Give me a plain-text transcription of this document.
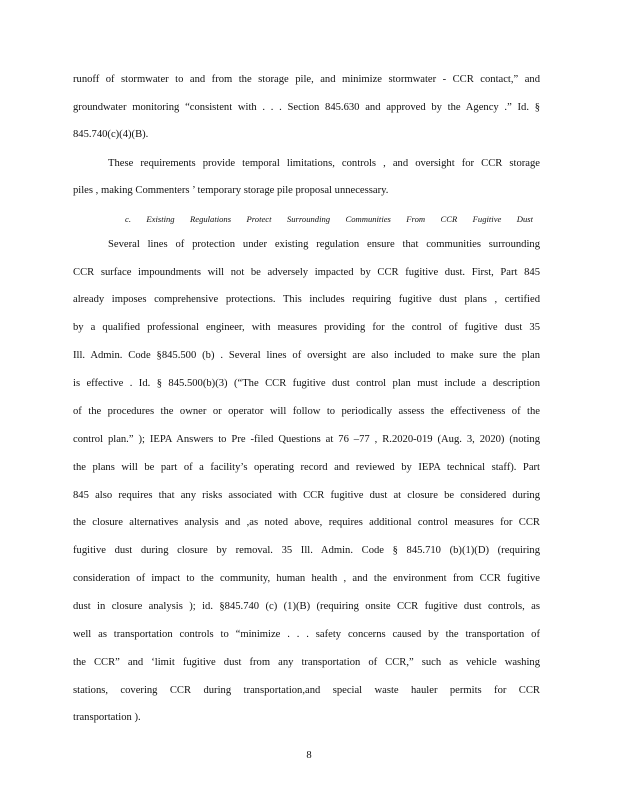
runoff of stormwater to and from the storage pile, and minimize stormwater - CCR contact,” and
groundwater monitoring “consistent with . . . Section 845.630 and approved by the Agency .” Id. §
845.740(c)(4)(B).
These requirements provide temporal limitations, controls , and oversight for CCR storage
piles , making Commenters ’ temporary storage pile proposal unnecessary.
c. Existing Regulations Protect Surrounding Communities From CCR Fugitive Dust
Several lines of protection under existing regulation ensure that communities surrounding
CCR surface impoundments will not be adversely impacted by CCR fugitive dust. First, Part 845
already imposes comprehensive protections. This includes requiring fugitive dust plans , certified
by a qualified professional engineer, with measures providing for the control of fugitive dust 35
Ill. Admin. Code §845.500 (b) . Several lines of oversight are also included to make sure the plan
is effective . Id. § 845.500(b)(3) (“The CCR fugitive dust control plan must include a description
of the procedures the owner or operator will follow to periodically assess the effectiveness of the
control plan.” ); IEPA Answers to Pre -filed Questions at 76 –77 , R.2020-019 (Aug. 3, 2020) (noting
the plans will be part of a facility’s operating record and reviewed by IEPA technical staff). Part
845 also requires that any risks associated with CCR fugitive dust at closure be considered during
the closure alternatives analysis and ,as noted above, requires additional control measures for CCR
fugitive dust during closure by removal. 35 Ill. Admin. Code § 845.710 (b)(1)(D) (requiring
consideration of impact to the community, human health , and the environment from CCR fugitive
dust in closure analysis ); id. §845.740 (c) (1)(B) (requiring onsite CCR fugitive dust controls, as
well as transportation controls to “minimize . . . safety concerns caused by the transportation of
the CCR” and ‘limit fugitive dust from any transportation of CCR,” such as vehicle washing
stations, covering CCR during transportation,and special waste hauler permits for CCR
transportation ).
8
